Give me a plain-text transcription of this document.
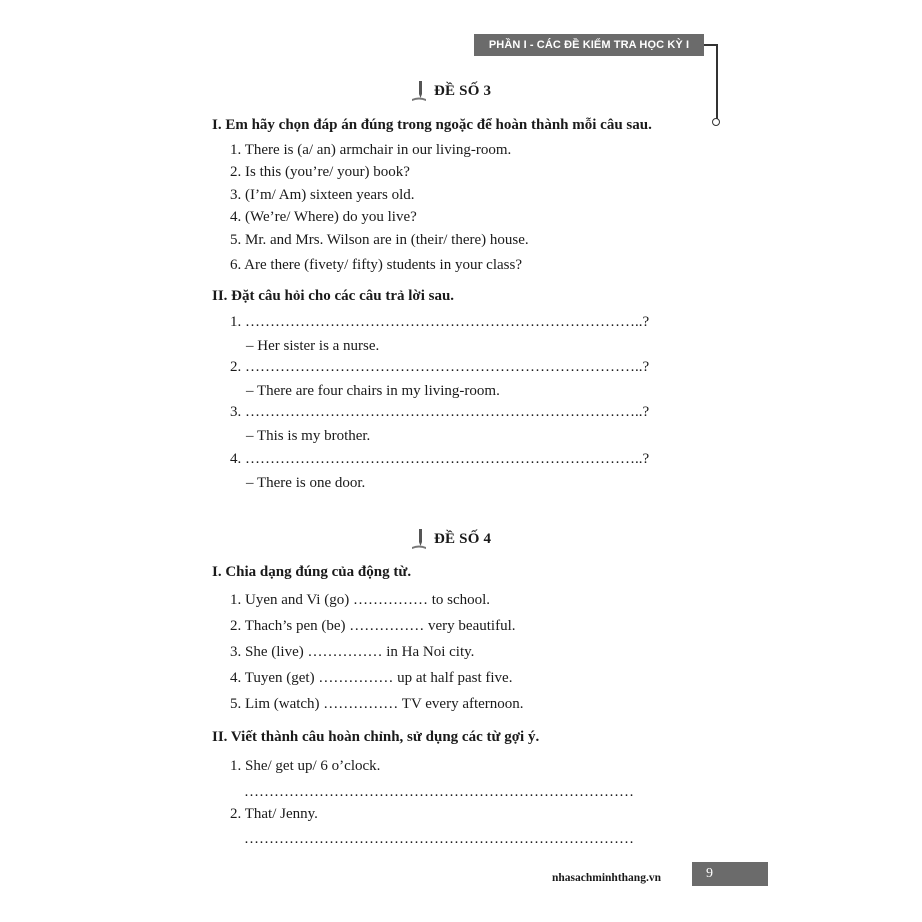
PHẦN I - CÁC ĐỀ KIỂM TRA HỌC KỲ I
ĐỀ SỐ 3
I. Em hãy chọn đáp án đúng trong ngoặc để hoàn thành mỗi câu sau.
1. There is (a/ an) armchair in our living-room.
2. Is this (you’re/ your) book?
3. (I’m/ Am) sixteen years old.
4. (We’re/ Where) do you live?
5. Mr. and Mrs. Wilson are in (their/ there) house.
6. Are there (fivety/ fifty) students in your class?
II. Đặt câu hỏi cho các câu trả lời sau.
1. ……………………………………………………………………..?
– Her sister is a nurse.
2. ……………………………………………………………………..?
– There are four chairs in my living-room.
3. ……………………………………………………………………..?
– This is my brother.
4. ……………………………………………………………………..?
– There is one door.
ĐỀ SỐ 4
I. Chia dạng đúng của động từ.
1. Uyen and Vi (go) …………… to school.
2. Thach’s pen (be) …………… very beautiful.
3. She (live) …………… in Ha Noi city.
4. Tuyen (get) …………… up at half past five.
5. Lim (watch) …………… TV every afternoon.
II. Viết thành câu hoàn chỉnh, sử dụng các từ gợi ý.
1. She/ get up/ 6 o’clock.
……………………………………………………………………
2. That/ Jenny.
……………………………………………………………………
nhasachminhthang.vn	9
